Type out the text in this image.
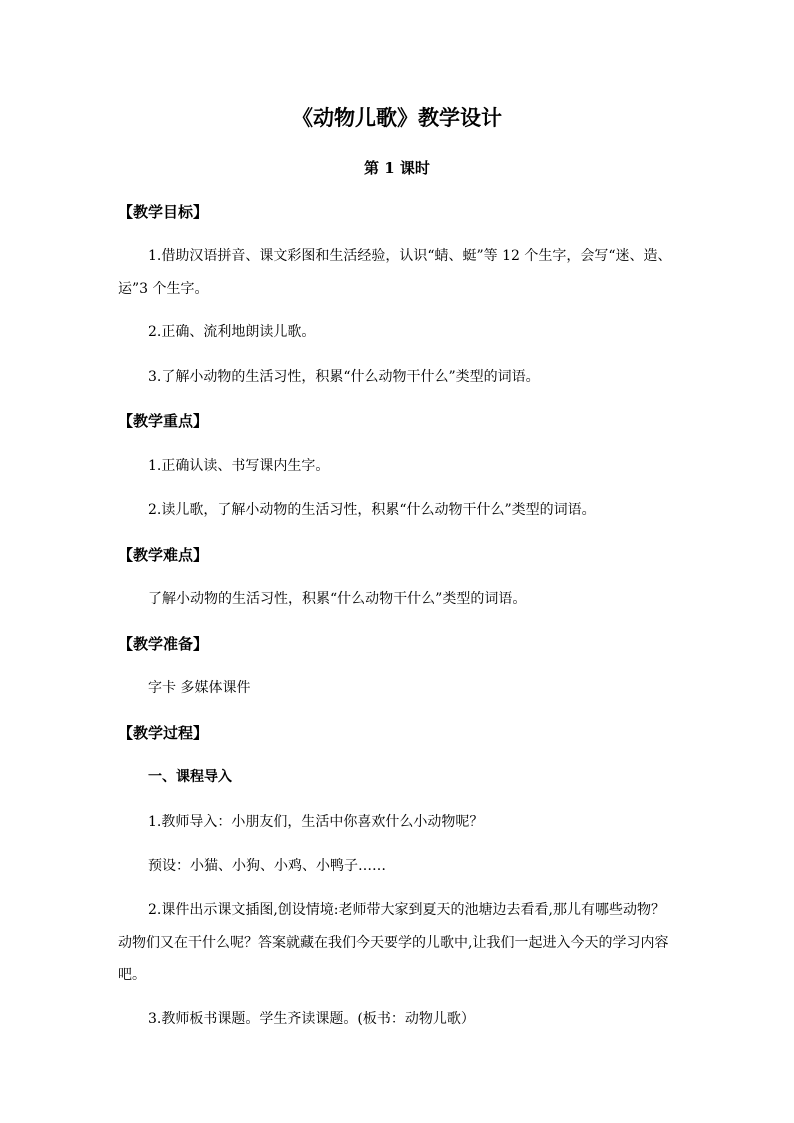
《动物儿歌》教学设计
第 1 课时
【教学目标】
1.借助汉语拼音、课文彩图和生活经验，认识“蜻、蜓”等 12 个生字，会写“迷、造、
运”3 个生字。
2.正确、流利地朗读儿歌。
3.了解小动物的生活习性，积累“什么动物干什么”类型的词语。
【教学重点】
1.正确认读、书写课内生字。
2.读儿歌，了解小动物的生活习性，积累“什么动物干什么”类型的词语。
【教学难点】
了解小动物的生活习性，积累“什么动物干什么”类型的词语。
【教学准备】
字卡 多媒体课件
【教学过程】
一、课程导入
1.教师导入：小朋友们，生活中你喜欢什么小动物呢？
预设：小猫、小狗、小鸡、小鸭子……
2.课件出示课文插图,创设情境:老师带大家到夏天的池塘边去看看,那儿有哪些动物？
动物们又在干什么呢？答案就藏在我们今天要学的儿歌中,让我们一起进入今天的学习内容
吧。
3.教师板书课题。学生齐读课题。(板书：动物儿歌）
